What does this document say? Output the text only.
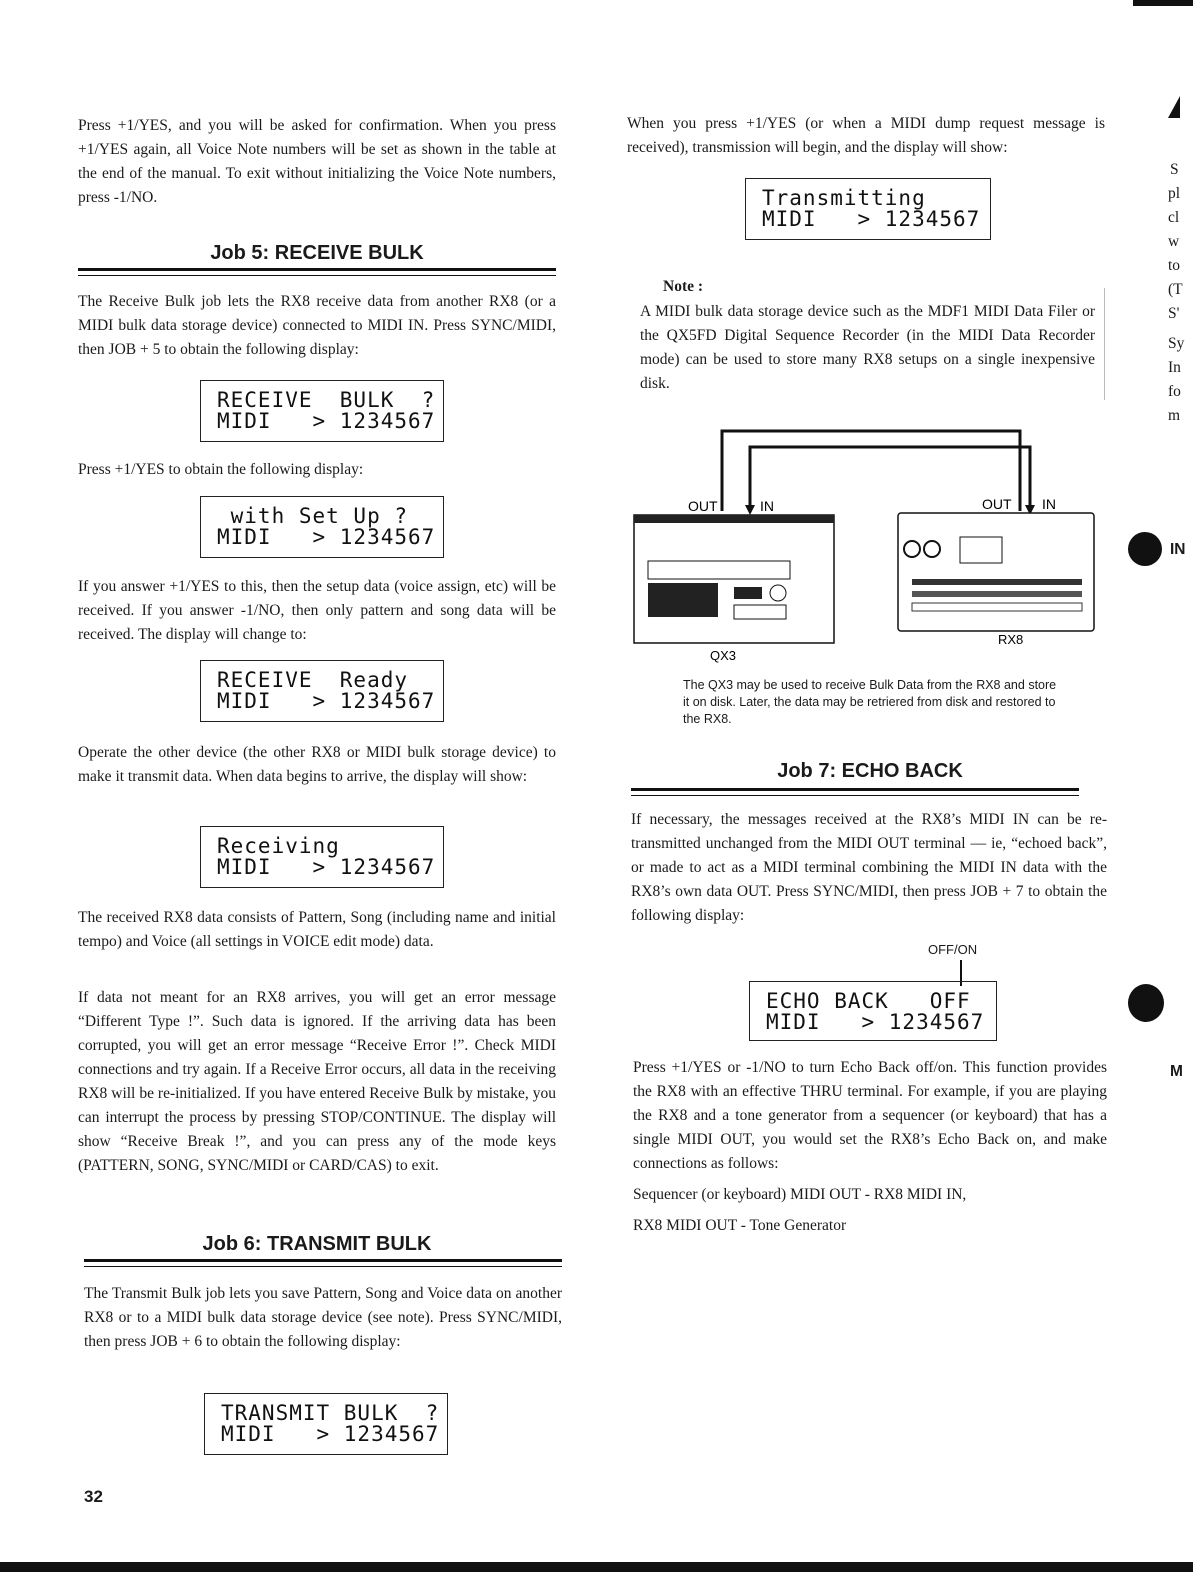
Press +1/YES, and you will be asked for confirmation. When you press +1/YES again, all Voice Note numbers will be set as shown in the table at the end of the manual. To exit without initializing the Voice Note numbers, press -1/NO.

Job 5: RECEIVE BULK

The Receive Bulk job lets the RX8 receive data from another RX8 (or a MIDI bulk data storage device) connected to MIDI IN. Press SYNC/MIDI, then JOB + 5 to obtain the following display:

RECEIVE  BULK  ?
MIDI   > 1234567

Press +1/YES to obtain the following display:

with Set Up ?
MIDI   > 1234567

If you answer +1/YES to this, then the setup data (voice assign, etc) will be received. If you answer -1/NO, then only pattern and song data will be received. The display will change to:

RECEIVE  Ready
MIDI   > 1234567

Operate the other device (the other RX8 or MIDI bulk storage device) to make it transmit data. When data begins to arrive, the display will show:

Receiving
MIDI   > 1234567

The received RX8 data consists of Pattern, Song (including name and initial tempo) and Voice (all settings in VOICE edit mode) data.

If data not meant for an RX8 arrives, you will get an error message “Different Type !”. Such data is ignored. If the arriving data has been corrupted, you will get an error message “Receive Error !”. Check MIDI connections and try again. If a Receive Error occurs, all data in the receiving RX8 will be re-initialized. If you have entered Receive Bulk by mistake, you can interrupt the process by pressing STOP/CONTINUE. The display will show “Receive Break !”, and you can press any of the mode keys (PATTERN, SONG, SYNC/MIDI or CARD/CAS) to exit.

Job 6: TRANSMIT BULK

The Transmit Bulk job lets you save Pattern, Song and Voice data on another RX8 or to a MIDI bulk data storage device (see note). Press SYNC/MIDI, then press JOB + 6 to obtain the following display:

TRANSMIT BULK  ?
MIDI   > 1234567
32

When you press +1/YES (or when a MIDI dump request message is received), transmission will begin, and the display will show:

Transmitting
MIDI   > 1234567
Note :

A MIDI bulk data storage device such as the MDF1 MIDI Data Filer or the QX5FD Digital Sequence Recorder (in the MIDI Data Recorder mode) can be used to store many RX8 setups on a single inexpensive disk.

OUT	IN	OUT IN
QX3
RX8
The QX3 may be used to receive Bulk Data from the RX8 and store it on disk. Later, the data may be retriered from disk and restored to the RX8.
Job 7: ECHO BACK

If necessary, the messages received at the RX8’s MIDI IN can be re-transmitted unchanged from the MIDI OUT terminal — ie, “echoed back”, or made to act as a MIDI terminal combining the MIDI IN data with the RX8’s own data OUT. Press SYNC/MIDI, then press JOB + 7 to obtain the following display:

OFF/ON
ECHO BACK   OFF
MIDI   > 1234567

Press +1/YES or -1/NO to turn Echo Back off/on. This function provides the RX8 with an effective THRU terminal. For example, if you are playing the RX8 and a tone generator from a sequencer (or keyboard) that has a single MIDI OUT, you would set the RX8’s Echo Back on, and make connections as follows:

Sequencer (or keyboard) MIDI OUT - RX8 MIDI IN,

RX8 MIDI OUT - Tone Generator

S
pl
cl
w
to
(T
S'
Sy
In
fo
m
IN
M
